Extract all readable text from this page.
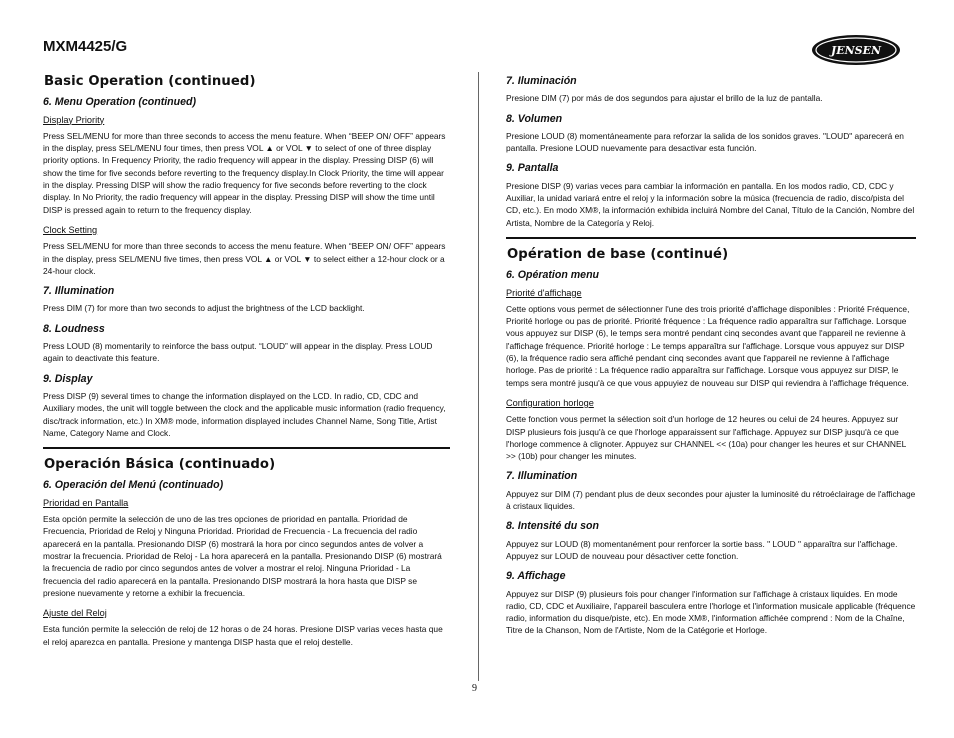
MXM4425/G	JENSEN
Basic Operation (continued)
6. Menu Operation (continued)
Display Priority

Press SEL/MENU for more than three seconds to access the menu feature. When “BEEP ON/ OFF” appears in the display, press SEL/MENU four times, then press VOL ▲ or VOL ▼ to select of one of three display priority options. In Frequency Priority, the radio frequency will appear in the display. Pressing DISP (6) will show the time for five seconds before reverting to the frequency display.In Clock Priority, the time will appear in the display. Pressing DISP will show the radio frequency for five seconds before reverting to the clock display. In No Priority, the radio frequency will appear in the display. Pressing DISP will show the time until DISP is pressed again to return to the frequency display.

Clock Setting

Press SEL/MENU for more than three seconds to access the menu feature. When “BEEP ON/ OFF” appears in the display, press SEL/MENU five times, then press VOL ▲ or VOL ▼ to select either a 12-hour clock or a 24-hour clock.

7. Illumination

Press DIM (7) for more than two seconds to adjust the brightness of the LCD backlight.

8. Loudness

Press LOUD (8) momentarily to reinforce the bass output. “LOUD” will appear in the display. Press LOUD again to deactivate this feature.

9. Display

Press DISP (9) several times to change the information displayed on the LCD. In radio, CD, CDC and Auxiliary modes, the unit will toggle between the clock and the applicable music information (radio frequency, disc/track information, etc.) In XM® mode, information displayed includes Channel Name, Song Title, Artist Name, Category Name and Clock.

Operación Básica (continuado)
6. Operación del Menú (continuado)
Prioridad en Pantalla

Esta opción permite la selección de uno de las tres opciones de prioridad en pantalla. Prioridad de Frecuencia, Prioridad de Reloj y Ninguna Prioridad. Prioridad de Frecuencia - La frecuencia del radio aparecerá en la pantalla. Presionando DISP (6) mostrará la hora por cinco segundos antes de volver a mostrar la frecuencia. Prioridad de Reloj - La hora aparecerá en la pantalla. Presionando DISP (6) mostrará la frecuencia de radio por cinco segundos antes de volver a mostrar el reloj. Ninguna Prioridad - La frecuencia del radio aparecerá en la pantalla. Presionando DISP mostrará la hora hasta que DISP se presione nuevamente y retorne a exhibir la frecuencia.

Ajuste del Reloj

Esta función permite la selección de reloj de 12 horas o de 24 horas. Presione DISP varias veces hasta que el reloj aparezca en pantalla. Presione y mantenga DISP hasta que el reloj destelle.

7. Iluminación

Presione DIM (7) por más de dos segundos para ajustar el brillo de la luz de pantalla.

8. Volumen

Presione LOUD (8) momentáneamente para reforzar la salida de los sonidos graves. "LOUD" aparecerá en pantalla. Presione LOUD nuevamente para desactivar esta función.

9. Pantalla

Presione DISP (9) varias veces para cambiar la información en pantalla. En los modos radio, CD, CDC y Auxiliar, la unidad variará entre el reloj y la información sobre la música (frecuencia de radio, disco/pista del CD, etc.). En modo XM®, la información exhibida incluirá Nombre del Canal, Título de la Canción, Nombre del Artista, Nombre de la Categoría y Reloj.

Opération de base (continué)
6. Opération menu
Priorité d'affichage

Cette options vous permet de sélectionner l'une des trois priorité d'affichage disponibles : Priorité Fréquence, Priorité horloge ou pas de priorité. Priorité fréquence : La fréquence radio apparaîtra sur l'affichage. Lorsque vous appuyez sur DISP (6), le temps sera montré pendant cinq secondes avant que l'appareil ne revienne à l'affichage fréquence. Priorité horloge : Le temps apparaîtra sur l'affichage. Lorsque vous appuyez sur DISP (6), la fréquence radio sera affiché pendant cinq secondes avant que l'appareil ne revienne à l'affichage horloge. Pas de priorité : La fréquence radio apparaîtra sur l'affichage. Lorsque vous appuyez sur DISP, le temps sera montré jusqu'à ce que vous appuyiez de nouveau sur DISP qui reviendra à l'affichage fréquence.

Configuration horloge

Cette fonction vous permet la sélection soit d'un horloge de 12 heures ou celui de 24 heures. Appuyez sur DISP plusieurs fois jusqu'à ce que l'horloge apparaissent sur l'affichage. Appuyez sur DISP jusqu'à ce que l'horloge commence à clignoter. Appuyez sur CHANNEL << (10a) pour changer les heures et sur CHANNEL >> (10b) pour changer les minutes.

7. Illumination

Appuyez sur DIM (7) pendant plus de deux secondes pour ajuster la luminosité du rétroéclairage de l'affichage à cristaux liquides.

8. Intensité du son

Appuyez sur LOUD (8) momentanément pour renforcer la sortie bass. " LOUD " apparaîtra sur l'affichage. Appuyez sur LOUD de nouveau pour désactiver cette fonction.

9. Affichage

Appuyez sur DISP (9) plusieurs fois pour changer l'information sur l'affichage à cristaux liquides. En mode radio, CD, CDC et Auxiliaire, l'appareil basculera entre l'horloge et l'information musicale applicable (fréquence radio, information du disque/piste, etc). En mode XM®, l'information affichée comprend : Nom de la Chaîne, Titre de la Chanson, Nom de l'Artiste, Nom de la Catégorie et Horloge.

9
